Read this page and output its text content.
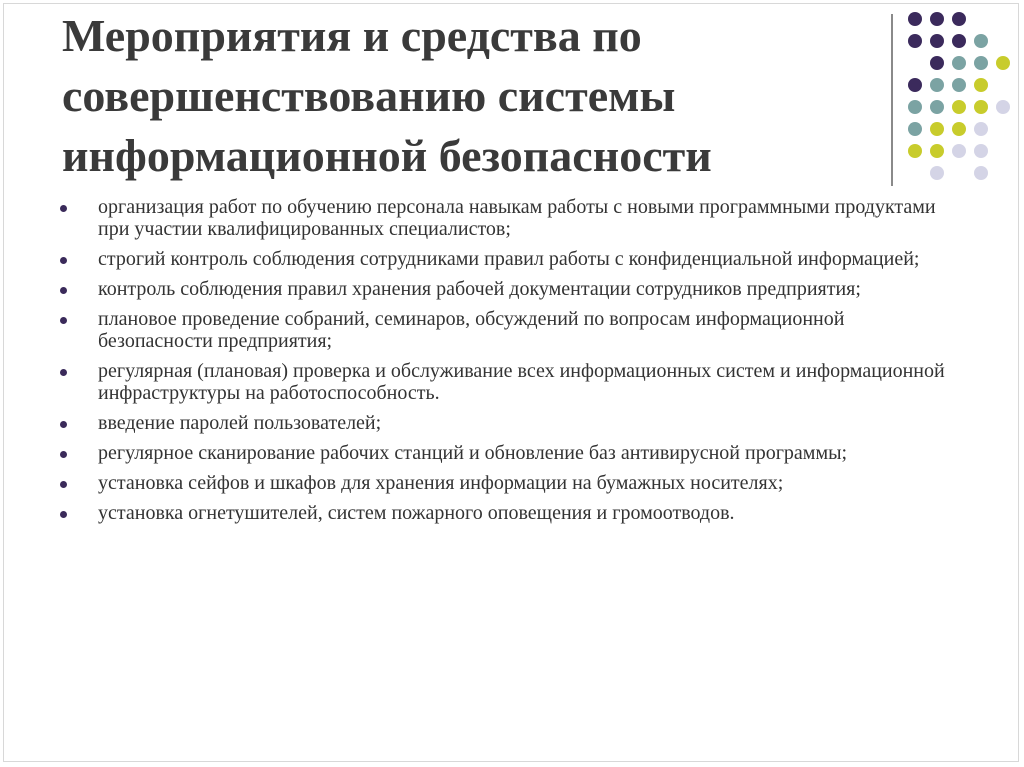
Мероприятия и средства по
совершенствованию системы
информационной безопасности
организация работ по обучению персонала навыкам работы с новыми программными продуктами при участии квалифицированных специалистов;
строгий контроль соблюдения сотрудниками правил работы с конфиденциальной информацией;
контроль соблюдения правил хранения рабочей документации сотрудников предприятия;
плановое проведение собраний, семинаров, обсуждений по вопросам информационной безопасности предприятия;
регулярная (плановая) проверка и обслуживание всех информационных систем и информационной инфраструктуры на работоспособность.
введение паролей пользователей;
регулярное сканирование рабочих станций и обновление баз антивирусной программы;
установка сейфов и шкафов для хранения информации на бумажных носителях;
установка огнетушителей, систем пожарного оповещения и громоотводов.
